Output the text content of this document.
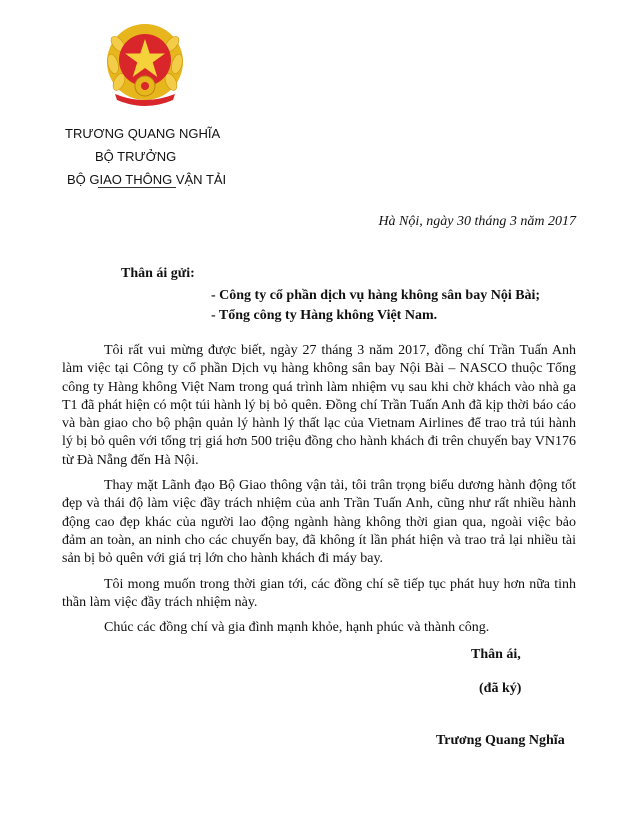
TRƯƠNG QUANG NGHĨA
BỘ TRƯỞNG
BỘ GIAO THÔNG VẬN TẢI
Hà Nội, ngày 30 tháng 3 năm 2017
Thân ái gửi:
- Công ty cổ phần dịch vụ hàng không sân bay Nội Bài;
- Tổng công ty Hàng không Việt Nam.

Tôi rất vui mừng được biết, ngày 27 tháng 3 năm 2017, đồng chí Trần Tuấn Anh làm việc tại Công ty cổ phần Dịch vụ hàng không sân bay Nội Bài – NASCO thuộc Tổng công ty Hàng không Việt Nam trong quá trình làm nhiệm vụ sau khi chờ khách vào nhà ga T1 đã phát hiện có một túi hành lý bị bỏ quên. Đồng chí Trần Tuấn Anh đã kịp thời báo cáo và bàn giao cho bộ phận quản lý hành lý thất lạc của Vietnam Airlines để trao trả túi hành lý bị bỏ quên với tổng trị giá hơn 500 triệu đồng cho hành khách đi trên chuyến bay VN176 từ Đà Nẵng đến Hà Nội.

Thay mặt Lãnh đạo Bộ Giao thông vận tải, tôi trân trọng biểu dương hành động tốt đẹp và thái độ làm việc đầy trách nhiệm của anh Trần Tuấn Anh, cũng như rất nhiều hành động cao đẹp khác của người lao động ngành hàng không thời gian qua, ngoài việc bảo đảm an toàn, an ninh cho các chuyến bay, đã không ít lần phát hiện và trao trả lại nhiều tài sản bị bỏ quên với giá trị lớn cho hành khách đi máy bay.

Tôi mong muốn trong thời gian tới, các đồng chí sẽ tiếp tục phát huy hơn nữa tinh thần làm việc đầy trách nhiệm này.

Chúc các đồng chí và gia đình mạnh khỏe, hạnh phúc và thành công.

Thân ái,
(đã ký)
Trương Quang Nghĩa
